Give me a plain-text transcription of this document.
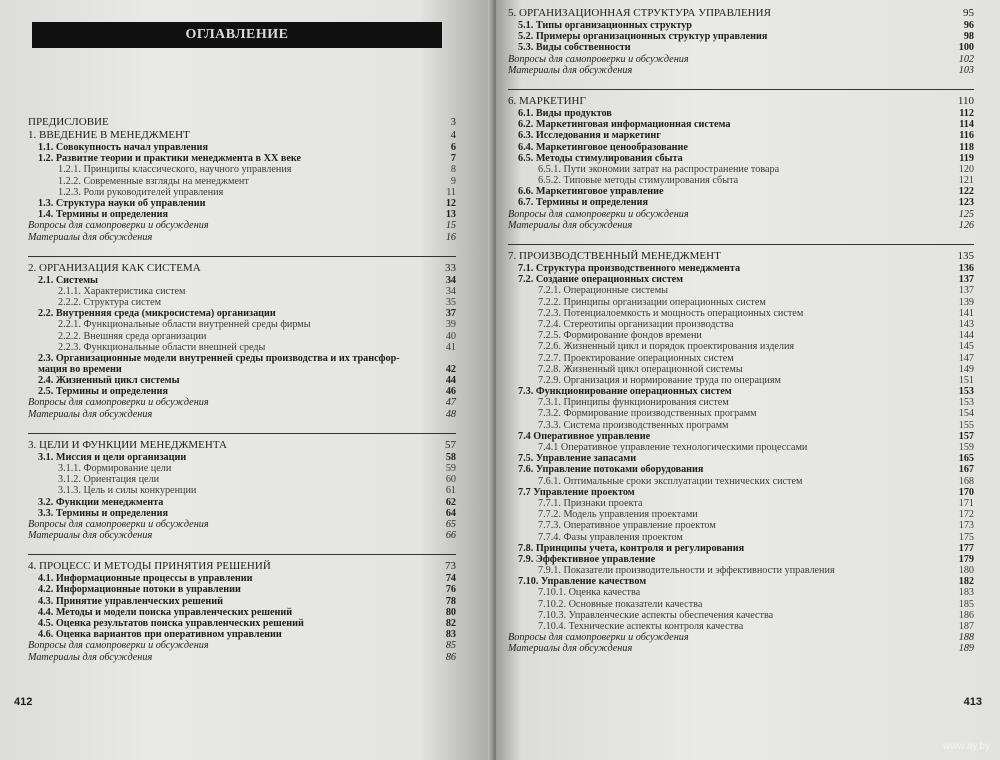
ОГЛАВЛЕНИЕ
ПРЕДИСЛОВИЕ	3
1. ВВЕДЕНИЕ В МЕНЕДЖМЕНТ	4
1.1. Совокупность начал управления	6
1.2. Развитие теории и практики менеджмента в XX веке	7
1.2.1. Принципы классического, научного управления	8
1.2.2. Современные взгляды на менеджмент	9
1.2.3. Роли руководителей управления	11
1.3. Структура науки об управлении	12
1.4. Термины и определения	13
Вопросы для самопроверки и обсуждения	15
Материалы для обсуждения	16
2. ОРГАНИЗАЦИЯ КАК СИСТЕМА	33
2.1. Системы	34
2.1.1. Характеристика систем	34
2.2.2. Структура систем	35
2.2. Внутренняя среда (микросистема) организации	37
2.2.1. Функциональные области внутренней среды фирмы	39
2.2.2. Внешняя среда организации	40
2.2.3. Функциональные области внешней среды	41
2.3. Организационные модели внутренней среды производства и их трансфор-мация во времени	42
2.4. Жизненный цикл системы	44
2.5. Термины и определения	46
Вопросы для самопроверки и обсуждения	47
Материалы для обсуждения	48
3. ЦЕЛИ И ФУНКЦИИ МЕНЕДЖМЕНТА	57
3.1. Миссия и цели организации	58
3.1.1. Формирование цели	59
3.1.2. Ориентация цели	60
3.1.3. Цель и силы конкуренции	61
3.2. Функции менеджмента	62
3.3. Термины и определения	64
Вопросы для самопроверки и обсуждения	65
Материалы для обсуждения	66
4. ПРОЦЕСС И МЕТОДЫ ПРИНЯТИЯ РЕШЕНИЙ	73
4.1. Информационные процессы в управлении	74
4.2. Информационные потоки в управлении	76
4.3. Принятие управленческих решений	78
4.4. Методы и модели поиска управленческих решений	80
4.5. Оценка результатов поиска управленческих решений	82
4.6. Оценка вариантов при оперативном управлении	83
Вопросы для самопроверки и обсуждения	85
Материалы для обсуждения	86
412
5. ОРГАНИЗАЦИОННАЯ СТРУКТУРА УПРАВЛЕНИЯ	95
5.1. Типы организационных структур	96
5.2. Примеры организационных структур управления	98
5.3. Виды собственности	100
Вопросы для самопроверки и обсуждения	102
Материалы для обсуждения	103
6. МАРКЕТИНГ	110
6.1. Виды продуктов	112
6.2. Маркетинговая информационная система	114
6.3. Исследования и маркетинг	116
6.4. Маркетинговое ценообразование	118
6.5. Методы стимулирования сбыта	119
6.5.1. Пути экономии затрат на распространение товара	120
6.5.2. Типовые методы стимулирования сбыта	121
6.6. Маркетинговое управление	122
6.7. Термины и определения	123
Вопросы для самопроверки и обсуждения	125
Материалы для обсуждения	126
7. ПРОИЗВОДСТВЕННЫЙ МЕНЕДЖМЕНТ	135
7.1. Структура производственного менеджмента	136
7.2. Создание операционных систем	137
7.2.1. Операционные системы	137
7.2.2. Принципы организации операционных систем	139
7.2.3. Потенциалоемкость и мощность операционных систем	141
7.2.4. Стереотипы организации производства	143
7.2.5. Формирование фондов времени	144
7.2.6. Жизненный цикл и порядок проектирования изделия	145
7.2.7. Проектирование операционных систем	147
7.2.8. Жизненный цикл операционной системы	149
7.2.9. Организация и нормирование труда по операциям	151
7.3. Функционирование операционных систем	153
7.3.1. Принципы функционирования систем	153
7.3.2. Формирование производственных программ	154
7.3.3. Система производственных программ	155
7.4 Оперативное управление	157
7.4.1 Оперативное управление технологическими процессами	159
7.5. Управление запасами	165
7.6. Управление потоками оборудования	167
7.6.1. Оптимальные сроки эксплуатации технических систем	168
7.7 Управление проектом	170
7.7.1. Признаки проекта	171
7.7.2. Модель управления проектами	172
7.7.3. Оперативное управление проектом	173
7.7.4. Фазы управления проектом	175
7.8. Принципы учета, контроля и регулирования	177
7.9. Эффективное управление	179
7.9.1. Показатели производительности и эффективности управления	180
7.10. Управление качеством	182
7.10.1. Оценка качества	183
7.10.2. Основные показатели качества	185
7.10.3. Управленческие аспекты обеспечения качества	186
7.10.4. Технические аспекты контроля качества	187
Вопросы для самопроверки и обсуждения	188
Материалы для обсуждения	189
413
www.ay.by
